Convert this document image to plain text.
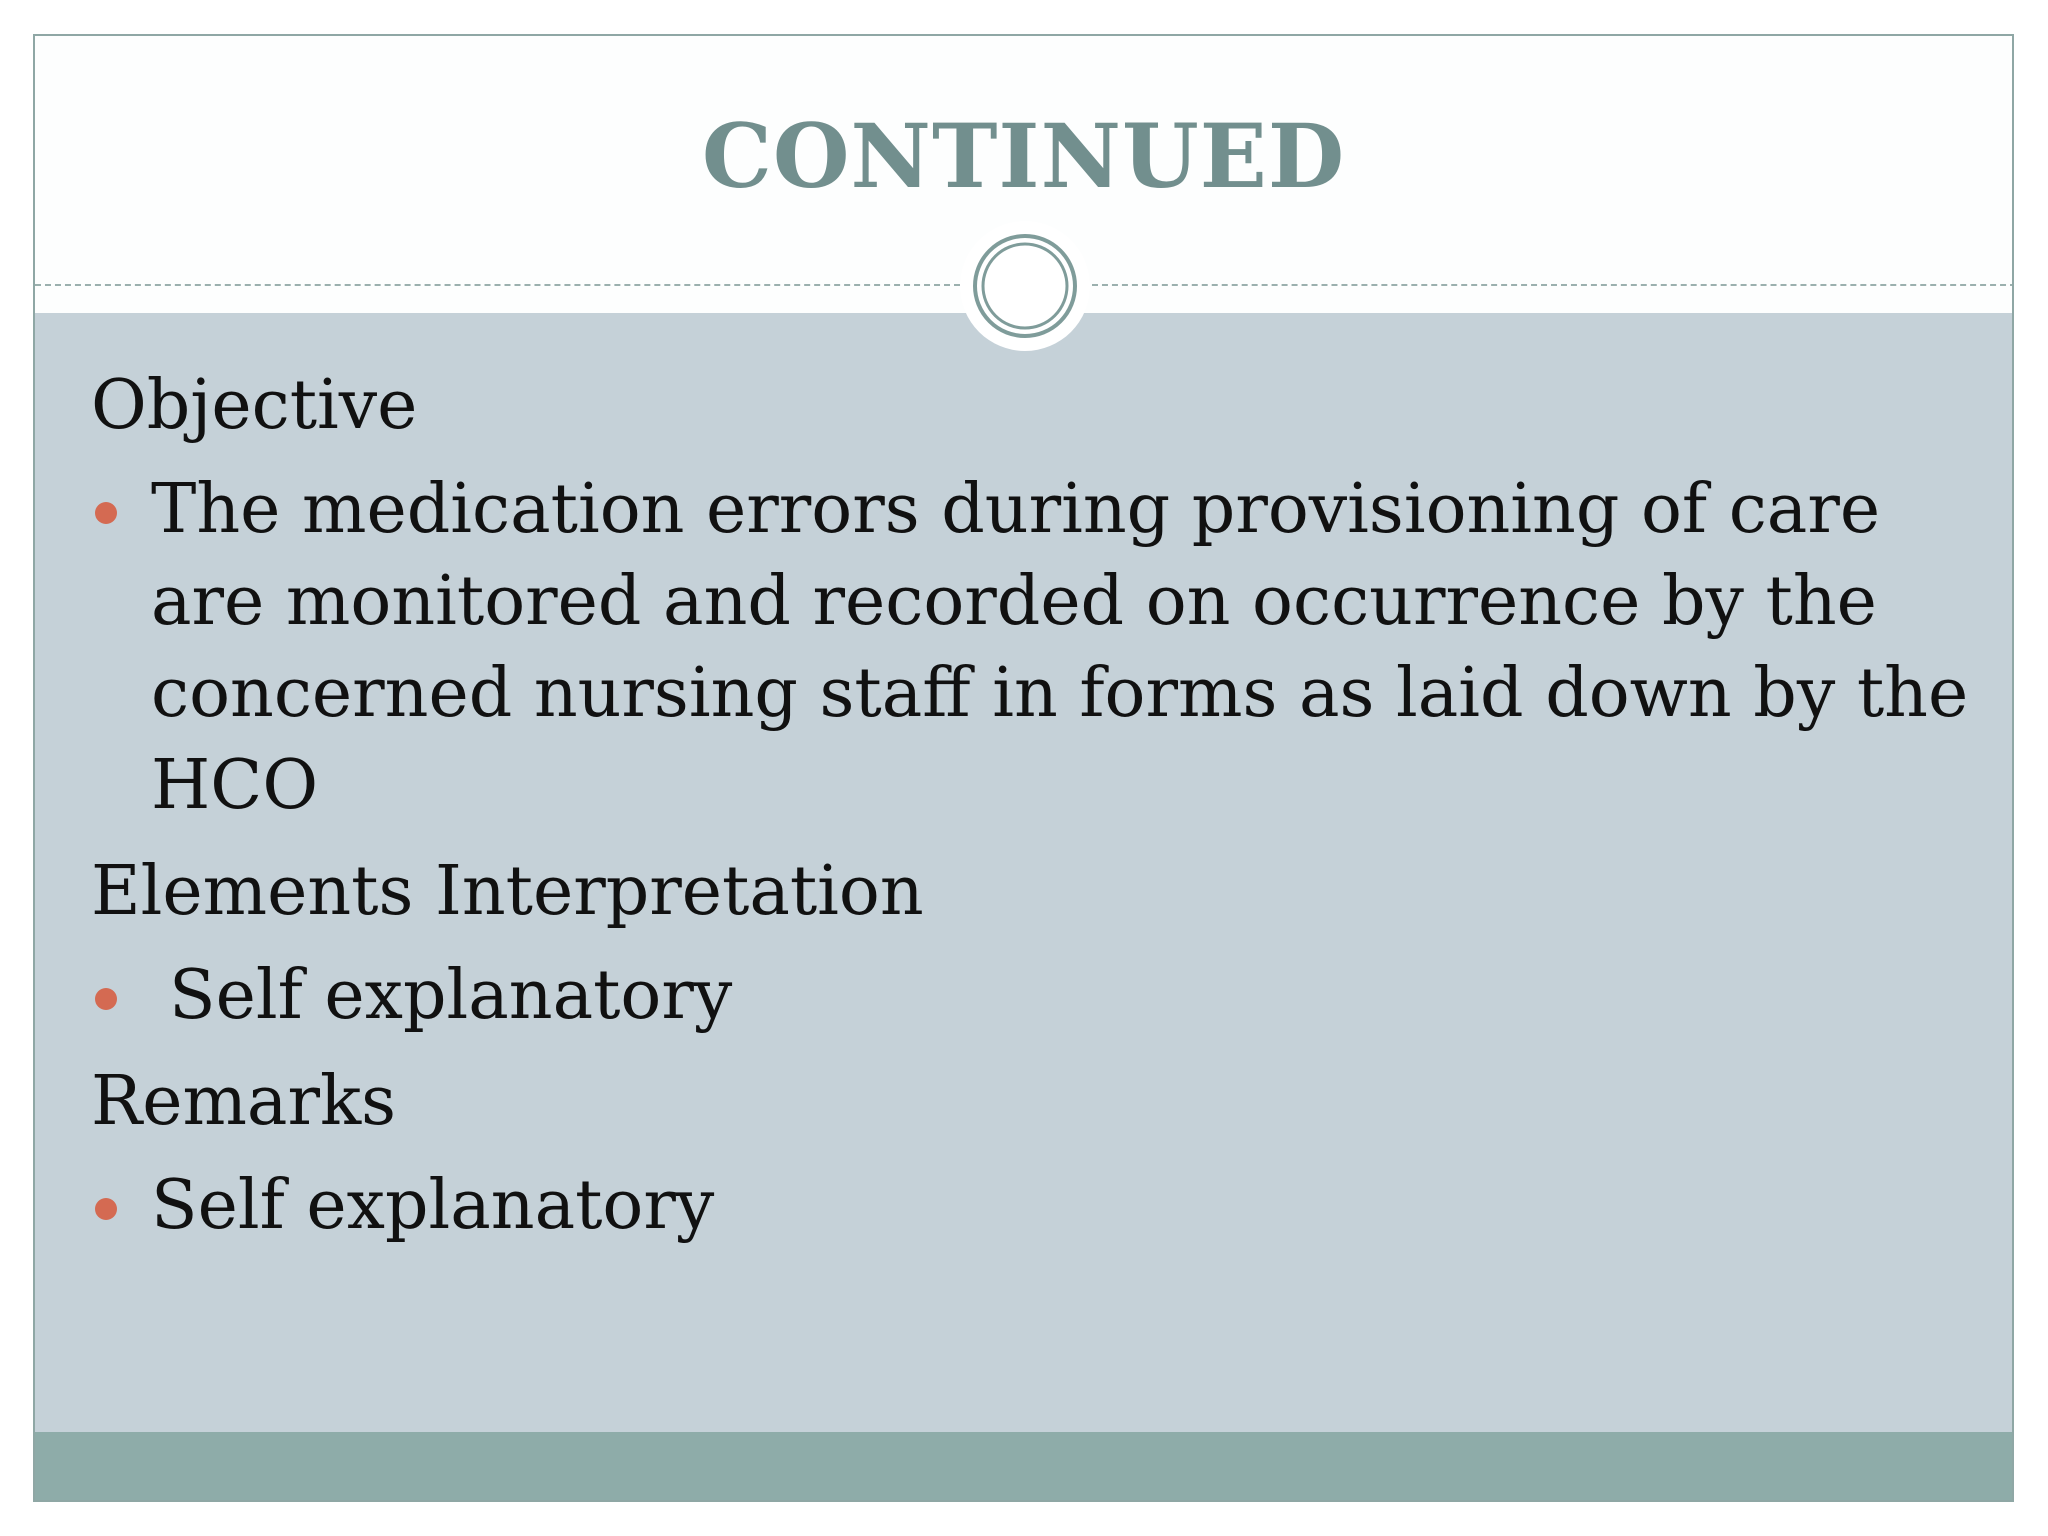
CONTINUED

Objective

The medication errors during provisioning of care are monitored and recorded on occurrence by the concerned nursing staff in forms as laid down by the HCO

Elements Interpretation

Self explanatory

Remarks

Self explanatory
